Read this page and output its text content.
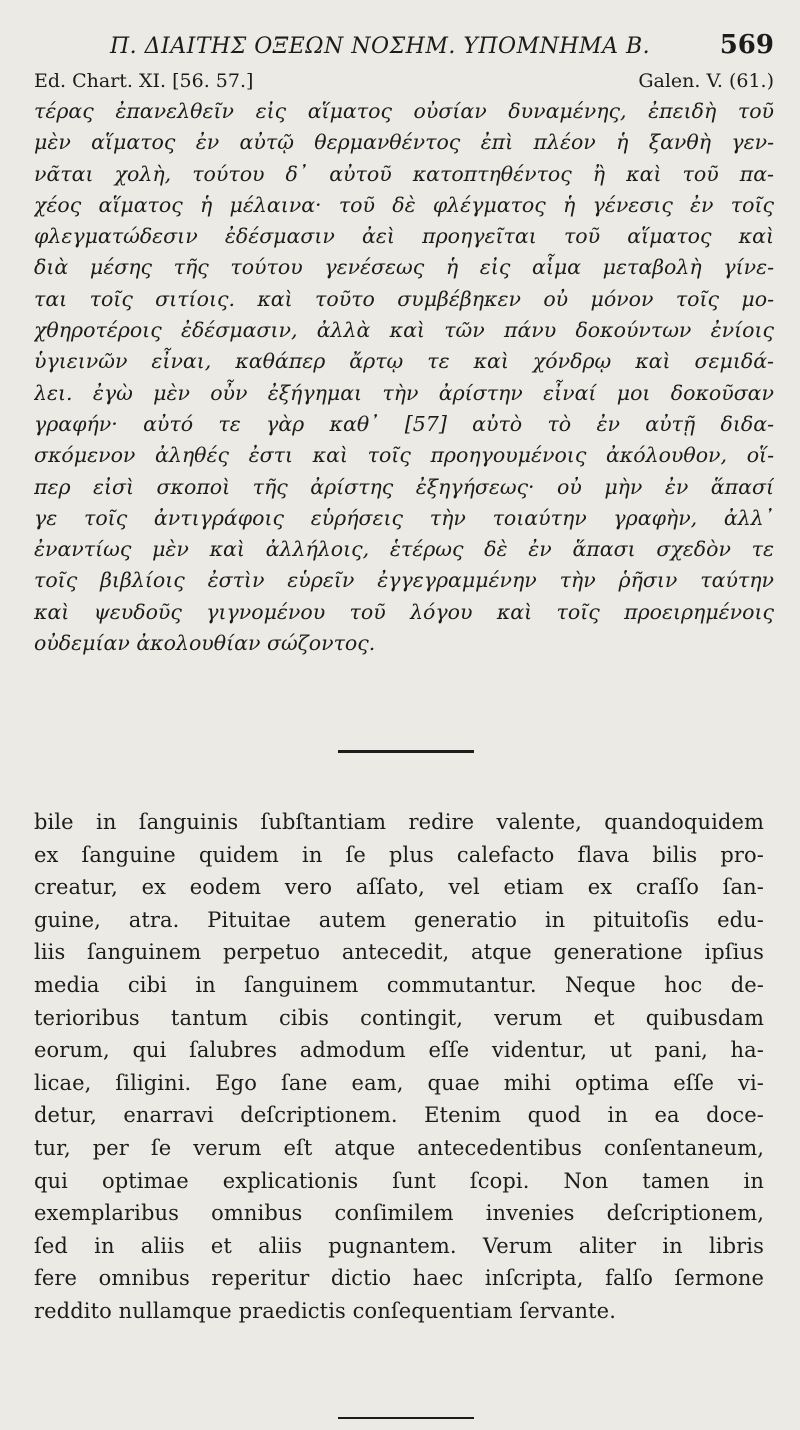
Π. ΔΙΑΙΤΗΣ ΟΞΕΩΝ ΝΟΣΗΜ. ΥΠΟΜΝΗΜΑ Β.	569
Ed. Chart. XI. [56. 57.]	Galen. V. (61.)
τέρας ἐπανελθεῖν εἰς αἵματος οὐσίαν δυναμένης, ἐπειδὴ τοῦ
μὲν αἵματος ἐν αὐτῷ θερμανθέντος ἐπὶ πλέον ἡ ξανθὴ γεν-
νᾶται χολὴ, τούτου δ᾽ αὐτοῦ κατοπτηθέντος ἢ καὶ τοῦ πα-
χέος αἵματος ἡ μέλαινα· τοῦ δὲ φλέγματος ἡ γένεσις ἐν τοῖς
φλεγματώδεσιν ἐδέσμασιν ἀεὶ προηγεῖται τοῦ αἵματος καὶ
διὰ μέσης τῆς τούτου γενέσεως ἡ εἰς αἷμα μεταβολὴ γίνε-
ται τοῖς σιτίοις. καὶ τοῦτο συμβέβηκεν οὐ μόνον τοῖς μο-
χθηροτέροις ἐδέσμασιν, ἀλλὰ καὶ τῶν πάνυ δοκούντων ἐνίοις
ὑγιεινῶν εἶναι, καθάπερ ἄρτῳ τε καὶ χόνδρῳ καὶ σεμιδά-
λει. ἐγὼ μὲν οὖν ἐξήγημαι τὴν ἀρίστην εἶναί μοι δοκοῦσαν
γραφήν· αὐτό τε γὰρ καθ᾽ [57] αὐτὸ τὸ ἐν αὐτῇ διδα-
σκόμενον ἀληθές ἐστι καὶ τοῖς προηγουμένοις ἀκόλουθον, οἵ-
περ εἰσὶ σκοποὶ τῆς ἀρίστης ἐξηγήσεως· οὐ μὴν ἐν ἅπασί
γε τοῖς ἀντιγράφοις εὑρήσεις τὴν τοιαύτην γραφὴν, ἀλλ᾽
ἐναντίως μὲν καὶ ἀλλήλοις, ἑτέρως δὲ ἐν ἅπασι σχεδὸν τε
τοῖς βιβλίοις ἐστὶν εὑρεῖν ἐγγεγραμμένην τὴν ῥῆσιν ταύτην
καὶ ψευδοῦς γιγνομένου τοῦ λόγου καὶ τοῖς προειρημένοις
οὐδεμίαν ἀκολουθίαν σώζοντος.
bile in ſanguinis ſubſtantiam redire valente, quandoquidem
ex ſanguine quidem in ſe plus calefacto flava bilis pro-
creatur, ex eodem vero aſſato, vel etiam ex craſſo ſan-
guine, atra. Pituitae autem generatio in pituitoſis edu-
liis ſanguinem perpetuo antecedit, atque generatione ipſius
media cibi in ſanguinem commutantur. Neque hoc de-
terioribus tantum cibis contingit, verum et quibusdam
eorum, qui ſalubres admodum eſſe videntur, ut pani, ha-
licae, ſiligini. Ego ſane eam, quae mihi optima eſſe vi-
detur, enarravi deſcriptionem. Etenim quod in ea doce-
tur, per ſe verum eſt atque antecedentibus conſentaneum,
qui optimae explicationis ſunt ſcopi. Non tamen in
exemplaribus omnibus conſimilem invenies deſcriptionem,
ſed in aliis et aliis pugnantem. Verum aliter in libris
fere omnibus reperitur dictio haec inſcripta, falſo ſermone
reddito nullamque praedictis conſequentiam ſervante.
